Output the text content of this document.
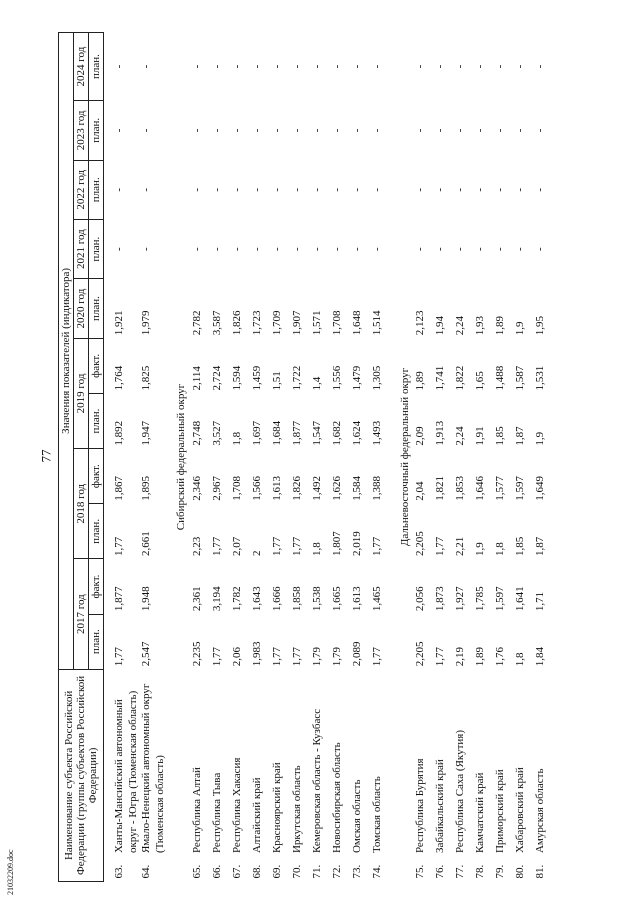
77
21032209.doc
Наименование субъекта Российской Федерации (группы субъектов Российской Федерации)		Значения показателей (индикатора)										
		2017 год		2018 год		2019 год		2020 год	2021 год	2022 год	2023 год	2024 год
		план.	факт.	план.	факт.	план.	факт.	план.	план.	план.	план.	план.

63.	Ханты-Мансийский автономный округ - Югра (Тюменская область)	1,77	1,877	1,77	1,867	1,892	1,764	1,921	-	-	-	-
64.	Ямало-Ненецкий автономный округ (Тюменская область)	2,547	1,948	2,661	1,895	1,947	1,825	1,979	-	-	-	-
Сибирский федеральный округ												
65.	Республика Алтай	2,235	2,361	2,23	2,346	2,748	2,114	2,782	-	-	-	-
66.	Республика Тыва	1,77	3,194	1,77	2,967	3,527	2,724	3,587	-	-	-	-
67.	Республика Хакасия	2,06	1,782	2,07	1,708	1,8	1,594	1,826	-	-	-	-
68.	Алтайский край	1,983	1,643	2	1,566	1,697	1,459	1,723	-	-	-	-
69.	Красноярский край	1,77	1,666	1,77	1,613	1,684	1,51	1,709	-	-	-	-
70.	Иркутская область	1,77	1,858	1,77	1,826	1,877	1,722	1,907	-	-	-	-
71.	Кемеровская область - Кузбасс	1,79	1,538	1,8	1,492	1,547	1,4	1,571	-	-	-	-
72.	Новосибирская область	1,79	1,665	1,807	1,626	1,682	1,556	1,708	-	-	-	-
73.	Омская область	2,089	1,613	2,019	1,584	1,624	1,479	1,648	-	-	-	-
74.	Томская область	1,77	1,465	1,77	1,388	1,493	1,305	1,514	-	-	-	-
Дальневосточный федеральный округ												
75.	Республика Бурятия	2,205	2,056	2,205	2,04	2,09	1,89	2,123	-	-	-	-
76.	Забайкальский край	1,77	1,873	1,77	1,821	1,913	1,741	1,94	-	-	-	-
77.	Республика Саха (Якутия)	2,19	1,927	2,21	1,853	2,24	1,822	2,24	-	-	-	-
78.	Камчатский край	1,89	1,785	1,9	1,646	1,91	1,65	1,93	-	-	-	-
79.	Приморский край	1,76	1,597	1,8	1,577	1,85	1,488	1,89	-	-	-	-
80.	Хабаровский край	1,8	1,641	1,85	1,597	1,87	1,587	1,9	-	-	-	-
81.	Амурская область	1,84	1,71	1,87	1,649	1,9	1,531	1,95	-	-	-	-
